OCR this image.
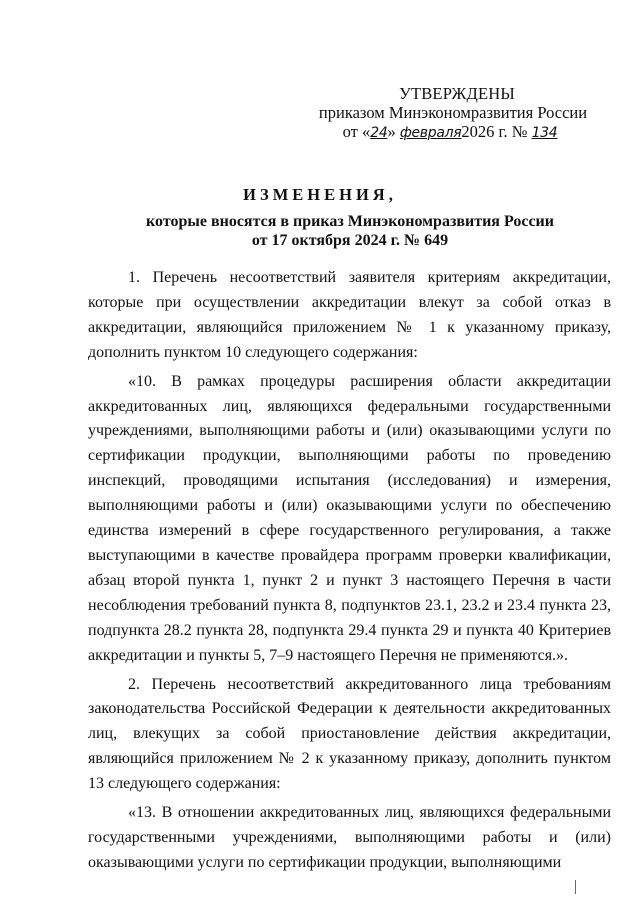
УТВЕРЖДЕНЫ
приказом Минэкономразвития России
от «24» февраля2026 г. № 134
ИЗМЕНЕНИЯ,
которые вносятся в приказ Минэкономразвития России
от 17 октября 2024 г. № 649

1. Перечень несоответствий заявителя критериям аккредитации, которые при осуществлении аккредитации влекут за собой отказ в аккредитации, являющийся приложением № 1 к указанному приказу, дополнить пунктом 10 следующего содержания:

«10. В рамках процедуры расширения области аккредитации аккредитованных лиц, являющихся федеральными государственными учреждениями, выполняющими работы и (или) оказывающими услуги по сертификации продукции, выполняющими работы по проведению инспекций, проводящими испытания (исследования) и измерения, выполняющими работы и (или) оказывающими услуги по обеспечению единства измерений в сфере государственного регулирования, а также выступающими в качестве провайдера программ проверки квалификации, абзац второй пункта 1, пункт 2 и пункт 3 настоящего Перечня в части несоблюдения требований пункта 8, подпунктов 23.1, 23.2 и 23.4 пункта 23, подпункта 28.2 пункта 28, подпункта 29.4 пункта 29 и пункта 40 Критериев аккредитации и пункты 5, 7–9 настоящего Перечня не применяются.».

2. Перечень несоответствий аккредитованного лица требованиям законодательства Российской Федерации к деятельности аккредитованных лиц, влекущих за собой приостановление действия аккредитации, являющийся приложением № 2 к указанному приказу, дополнить пунктом 13 следующего содержания:

«13. В отношении аккредитованных лиц, являющихся федеральными государственными учреждениями, выполняющими работы и (или) оказывающими услуги по сертификации продукции, выполняющими
